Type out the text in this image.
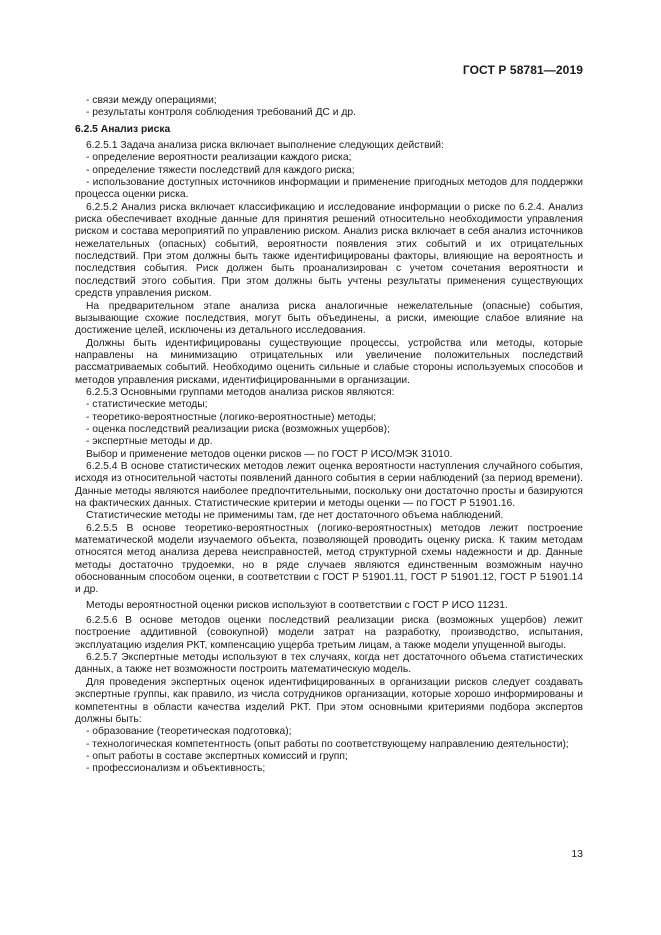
ГОСТ Р 58781—2019

- связи между операциями;

- результаты контроля соблюдения требований ДС и др.

6.2.5 Анализ риска

6.2.5.1 Задача анализа риска включает выполнение следующих действий:

- определение вероятности реализации каждого риска;

- определение тяжести последствий для каждого риска;

- использование доступных источников информации и применение пригодных методов для поддержки процесса оценки риска.

6.2.5.2 Анализ риска включает классификацию и исследование информации о риске по 6.2.4. Анализ риска обеспечивает входные данные для принятия решений относительно необходимости управления риском и состава мероприятий по управлению риском. Анализ риска включает в себя анализ источников нежелательных (опасных) событий, вероятности появления этих событий и их отрицательных последствий. При этом должны быть также идентифицированы факторы, влияющие на вероятность и последствия события. Риск должен быть проанализирован с учетом сочетания вероятности и последствий этого события. При этом должны быть учтены результаты применения существующих средств управления риском.

На предварительном этапе анализа риска аналогичные нежелательные (опасные) события, вызывающие схожие последствия, могут быть объединены, а риски, имеющие слабое влияние на достижение целей, исключены из детального исследования.

Должны быть идентифицированы существующие процессы, устройства или методы, которые направлены на минимизацию отрицательных или увеличение положительных последствий рассматриваемых событий. Необходимо оценить сильные и слабые стороны используемых способов и методов управления рисками, идентифицированными в организации.

6.2.5.3 Основными группами методов анализа рисков являются:

- статистические методы;

- теоретико-вероятностные (логико-вероятностные) методы;

- оценка последствий реализации риска (возможных ущербов);

- экспертные методы и др.

Выбор и применение методов оценки рисков — по ГОСТ Р ИСО/МЭК 31010.

6.2.5.4 В основе статистических методов лежит оценка вероятности наступления случайного события, исходя из относительной частоты появлений данного события в серии наблюдений (за период времени). Данные методы являются наиболее предпочтительными, поскольку они достаточно просты и базируются на фактических данных. Статистические критерии и методы оценки — по ГОСТ Р 51901.16.

Статистические методы не применимы там, где нет достаточного объема наблюдений.

6.2.5.5 В основе теоретико-вероятностных (логико-вероятностных) методов лежит построение математической модели изучаемого объекта, позволяющей проводить оценку риска. К таким методам относятся метод анализа дерева неисправностей, метод структурной схемы надежности и др. Данные методы достаточно трудоемки, но в ряде случаев являются единственным возможным научно обоснованным способом оценки, в соответствии с ГОСТ Р 51901.11, ГОСТ Р 51901.12, ГОСТ Р 51901.14 и др.

Методы вероятностной оценки рисков используют в соответствии с ГОСТ Р ИСО 11231.

6.2.5.6 В основе методов оценки последствий реализации риска (возможных ущербов) лежит построение аддитивной (совокупной) модели затрат на разработку, производство, испытания, эксплуатацию изделия РКТ, компенсацию ущерба третьим лицам, а также модели упущенной выгоды.

6.2.5.7 Экспертные методы используют в тех случаях, когда нет достаточного объема статистических данных, а также нет возможности построить математическую модель.

Для проведения экспертных оценок идентифицированных в организации рисков следует создавать экспертные группы, как правило, из числа сотрудников организации, которые хорошо информированы и компетентны в области качества изделий РКТ. При этом основными критериями подбора экспертов должны быть:

- образование (теоретическая подготовка);

- технологическая компетентность (опыт работы по соответствующему направлению деятельности);

- опыт работы в составе экспертных комиссий и групп;

- профессионализм и объективность;

13
